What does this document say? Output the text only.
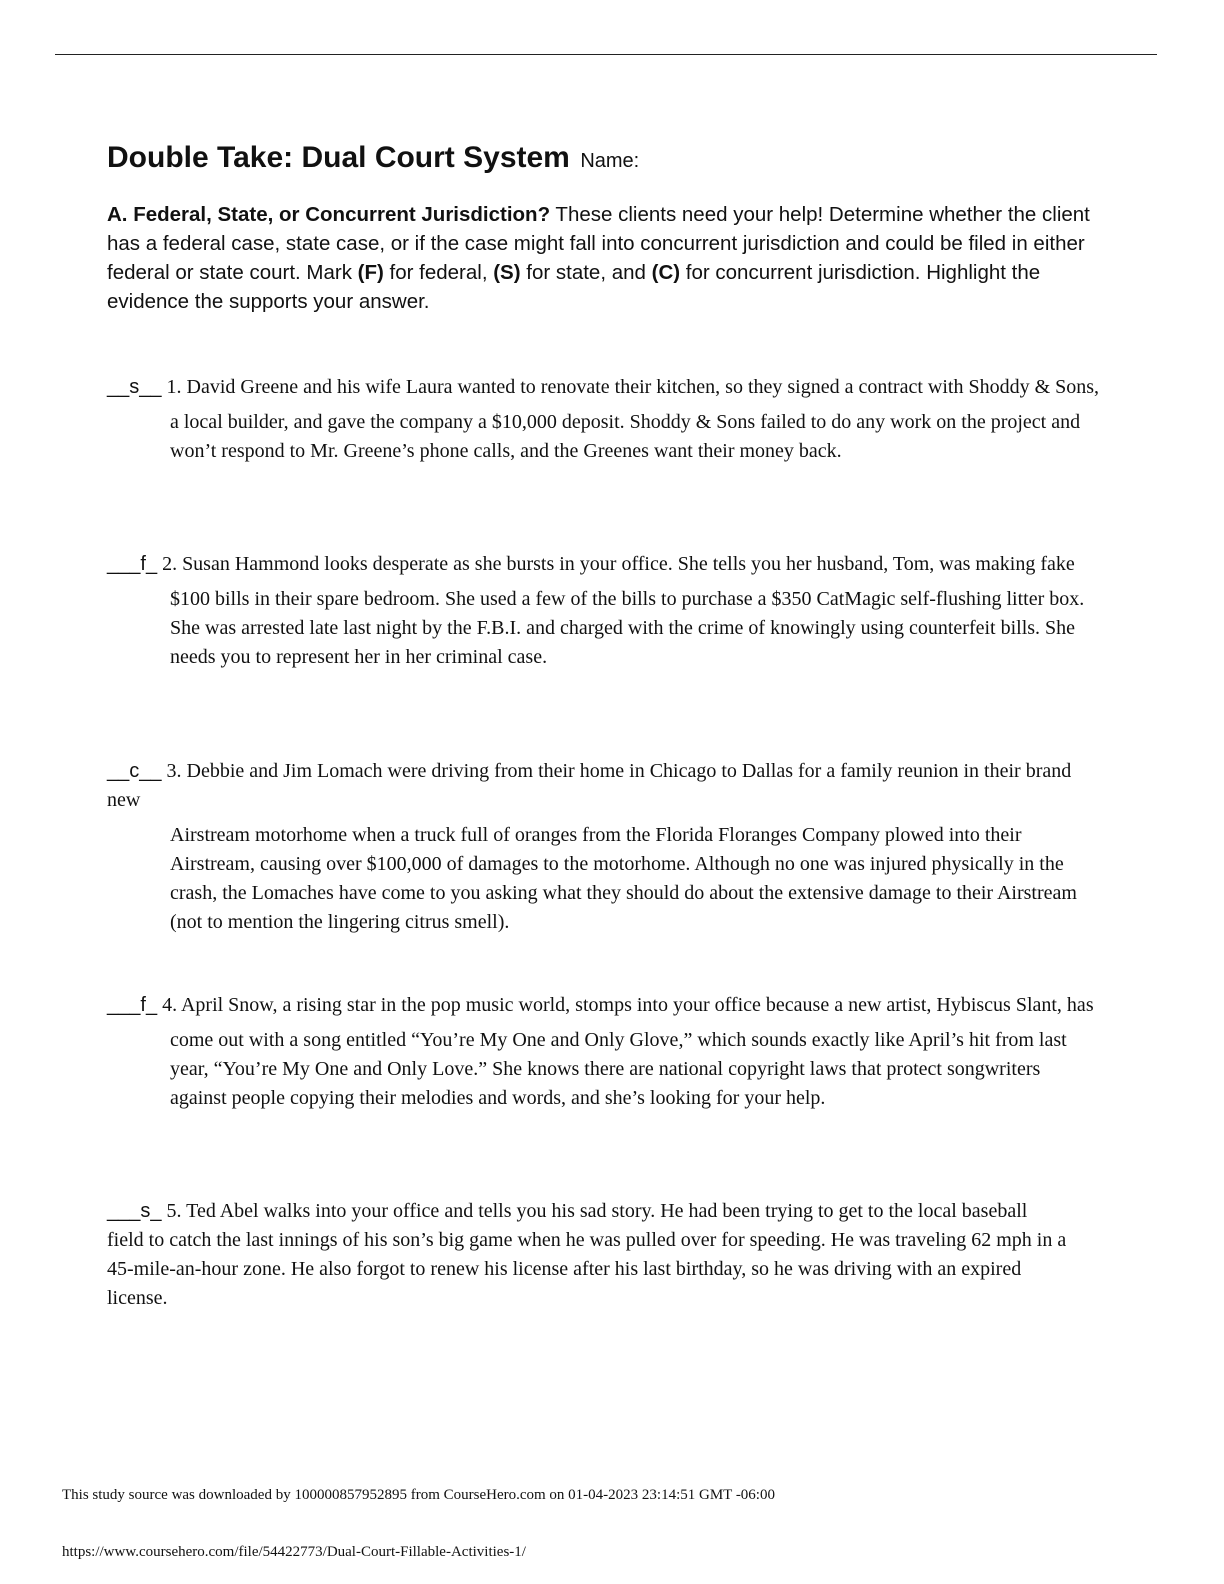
Double Take: Dual Court System Name:
A. Federal, State, or Concurrent Jurisdiction? These clients need your help! Determine whether the client has a federal case, state case, or if the case might fall into concurrent jurisdiction and could be filed in either federal or state court. Mark (F) for federal, (S) for state, and (C) for concurrent jurisdiction. Highlight the evidence the supports your answer.

__s__ 1. David Greene and his wife Laura wanted to renovate their kitchen, so they signed a contract with Shoddy & Sons,

a local builder, and gave the company a $10,000 deposit. Shoddy & Sons failed to do any work on the project and won’t respond to Mr. Greene’s phone calls, and the Greenes want their money back.

___f_ 2. Susan Hammond looks desperate as she bursts in your office. She tells you her husband, Tom, was making fake

$100 bills in their spare bedroom. She used a few of the bills to purchase a $350 CatMagic self-flushing litter box. She was arrested late last night by the F.B.I. and charged with the crime of knowingly using counterfeit bills. She needs you to represent her in her criminal case.

__c__ 3. Debbie and Jim Lomach were driving from their home in Chicago to Dallas for a family reunion in their brand new

Airstream motorhome when a truck full of oranges from the Florida Floranges Company plowed into their Airstream, causing over $100,000 of damages to the motorhome. Although no one was injured physically in the crash, the Lomaches have come to you asking what they should do about the extensive damage to their Airstream (not to mention the lingering citrus smell).

___f_ 4. April Snow, a rising star in the pop music world, stomps into your office because a new artist, Hybiscus Slant, has

come out with a song entitled “You’re My One and Only Glove,” which sounds exactly like April’s hit from last year, “You’re My One and Only Love.” She knows there are national copyright laws that protect songwriters against people copying their melodies and words, and she’s looking for your help.

___s_ 5. Ted Abel walks into your office and tells you his sad story. He had been trying to get to the local baseball field to catch the last innings of his son’s big game when he was pulled over for speeding. He was traveling 62 mph in a 45-mile-an-hour zone. He also forgot to renew his license after his last birthday, so he was driving with an expired license.

This study source was downloaded by 100000857952895 from CourseHero.com on 01-04-2023 23:14:51 GMT -06:00
https://www.coursehero.com/file/54422773/Dual-Court-Fillable-Activities-1/
